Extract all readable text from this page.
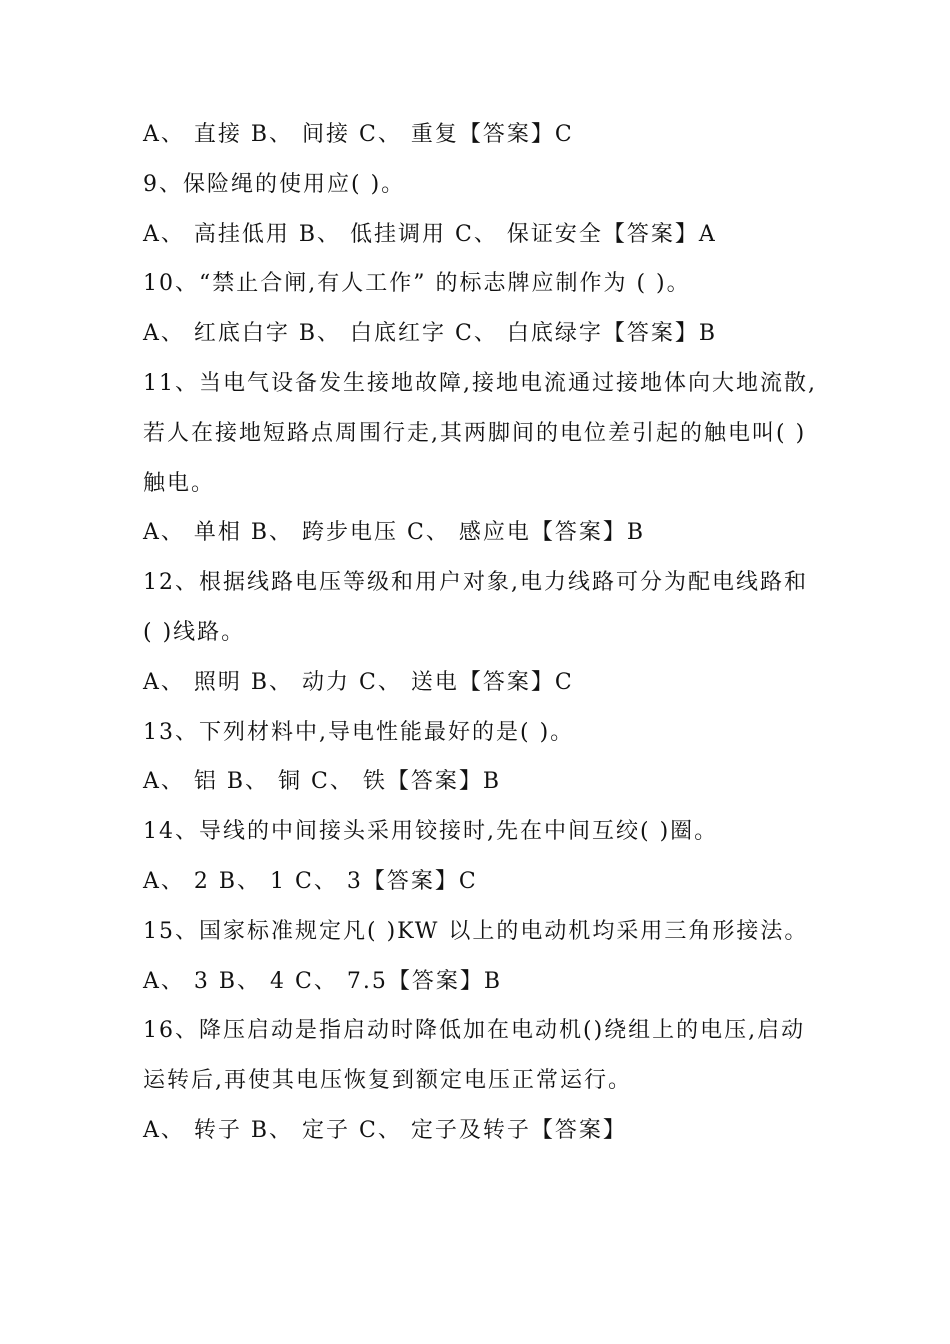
A、 直接 B、 间接 C、 重复【答案】C
9、保险绳的使用应( )。
A、 高挂低用 B、 低挂调用 C、 保证安全【答案】A
10、“禁止合闸,有人工作” 的标志牌应制作为 ( )。
A、 红底白字 B、 白底红字 C、 白底绿字【答案】B
11、当电气设备发生接地故障,接地电流通过接地体向大地流散,
若人在接地短路点周围行走,其两脚间的电位差引起的触电叫( )
触电。
A、 单相 B、 跨步电压 C、 感应电【答案】B
12、根据线路电压等级和用户对象,电力线路可分为配电线路和
( )线路。
A、 照明 B、 动力 C、 送电【答案】C
13、下列材料中,导电性能最好的是( )。
A、 铝 B、 铜 C、 铁【答案】B
14、导线的中间接头采用铰接时,先在中间互绞( )圈。
A、 2 B、 1 C、 3【答案】C
15、国家标准规定凡( )KW 以上的电动机均采用三角形接法。
A、 3 B、 4 C、 7.5【答案】B
16、降压启动是指启动时降低加在电动机()绕组上的电压,启动
运转后,再使其电压恢复到额定电压正常运行。
A、 转子 B、 定子 C、 定子及转子【答案】
